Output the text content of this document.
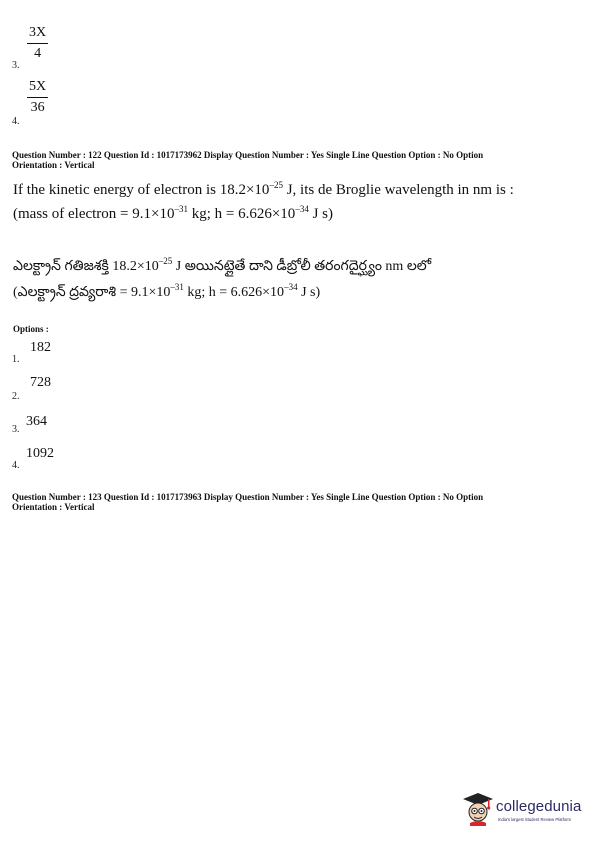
3.
3X
4
4.
5X
36
Question Number : 122 Question Id : 1017173962 Display Question Number : Yes Single Line Question Option : No Option
Orientation : Vertical
If the kinetic energy of electron is $18.2\times 10^{-25}$ J, its de Broglie wavelength in nm is :
(mass of electron = $9.1\times 10^{-31}$ kg; $h = 6.626\times 10^{-34}$ J s)
ఎలక్ట్రాన్ గతిజశక్తి $18.2\times 10^{-25}$ J అయినట్లైతే దాని డీబ్రోలీ తరంగదైర్ఘ్యం nm లలో
(ఎలక్ట్రాన్ ద్రవ్యరాశి = $9.1\times 10^{-31}$ kg; $h = 6.626\times 10^{-34}$ J s)
Options :
1.
182
2.
728
3.
364
4.
1092
Question Number : 123 Question Id : 1017173963 Display Question Number : Yes Single Line Question Option : No Option
Orientation : Vertical
collegedunia
India's largest Student Review Platform
